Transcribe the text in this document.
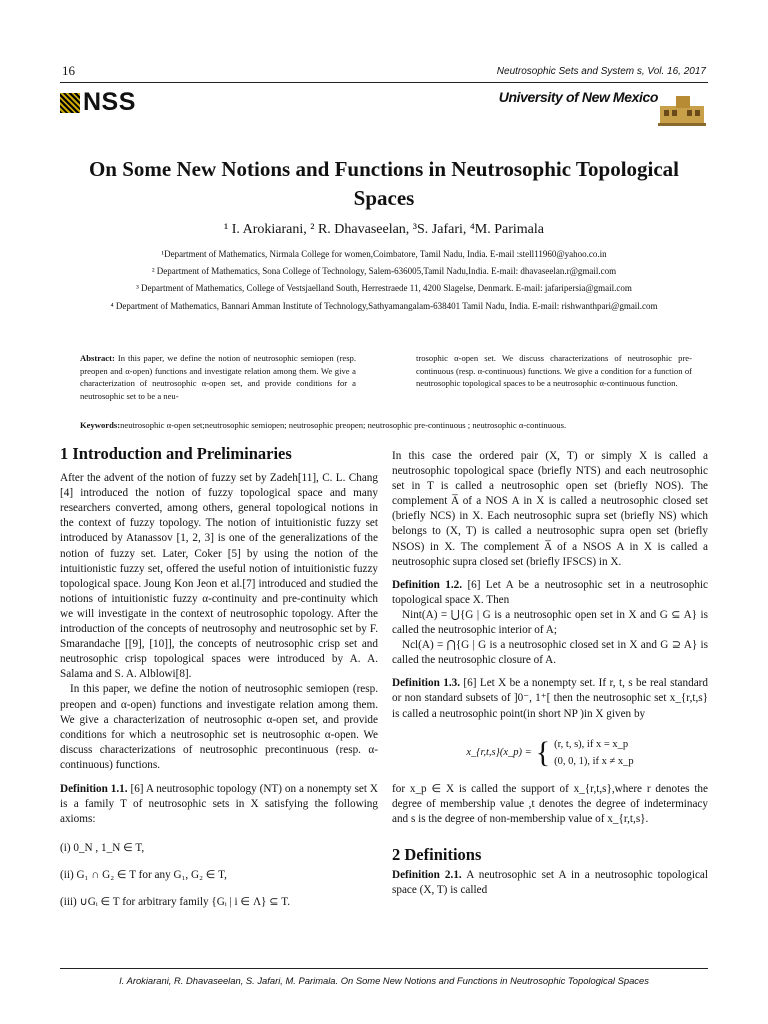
16	Neutrosophic Sets and System s, Vol. 16, 2017
NSS	University of New Mexico
On Some New Notions and Functions in Neutrosophic Topological Spaces
¹ I. Arokiarani, ² R. Dhavaseelan, ³S. Jafari, ⁴M. Parimala
¹Department of Mathematics, Nirmala College for women,Coimbatore, Tamil Nadu, India. E-mail :stell11960@yahoo.co.in
² Department of Mathematics, Sona College of Technology, Salem-636005,Tamil Nadu,India. E-mail: dhavaseelan.r@gmail.com
³ Department of Mathematics, College of Vestsjaelland South, Herrestraede 11, 4200 Slagelse, Denmark. E-mail: jafaripersia@gmail.com
⁴ Department of Mathematics, Bannari Amman Institute of Technology,Sathyamangalam-638401 Tamil Nadu, India. E-mail: rishwanthpari@gmail.com
Abstract: In this paper, we define the notion of neutrosophic semiopen (resp. preopen and α-open) functions and investigate relation among them. We give a characterization of neutrosophic α-open set, and provide conditions for a neutrosophic set to be a neu-
trosophic α-open set. We discuss characterizations of neutrosophic pre-continuous (resp. α-continuous) functions. We give a condition for a function of neutrosophic topological spaces to be a neutrosophic α-continuous function.
Keywords:neutrosophic α-open set;neutrosophic semiopen; neutrosophic preopen; neutrosophic pre-continuous ; neutrosophic α-continuous.
1 Introduction and Preliminaries

After the advent of the notion of fuzzy set by Zadeh[11], C. L. Chang [4] introduced the notion of fuzzy topological space and many researchers converted, among others, general topological notions in the context of fuzzy topology. The notion of intuitionistic fuzzy set introduced by Atanassov [1, 2, 3] is one of the generalizations of the notion of fuzzy set. Later, Coker [5] by using the notion of the intuitionistic fuzzy set, offered the useful notion of intuitionistic fuzzy topological space. Joung Kon Jeon et al.[7] introduced and studied the notions of intuitionistic fuzzy α-continuity and pre-continuity which we will investigate in the context of neutrosophic topology. After the introduction of the concepts of neutrosophy and neutrosophic set by F. Smarandache [[9], [10]], the concepts of neutrosophic crisp set and neutrosophic crisp topological spaces were introduced by A. A. Salama and S. A. Alblowi[8].

In this paper, we define the notion of neutrosophic semiopen (resp. preopen and α-open) functions and investigate relation among them. We give a characterization of neutrosophic α-open set, and provide conditions for which a neutrosophic set is neutrosophic α-open. We discuss characterizations of neutrosophic precontinuous (resp. α-continuous) functions.

Definition 1.1. [6] A neutrosophic topology (NT) on a nonempty set X is a family T of neutrosophic sets in X satisfying the following axioms:

(i) 0_N , 1_N ∈ T,

(ii) G₁ ∩ G₂ ∈ T for any G₁, G₂ ∈ T,

(iii) ∪Gᵢ ∈ T for arbitrary family {Gᵢ | i ∈ Λ} ⊆ T.

In this case the ordered pair (X, T) or simply X is called a neutrosophic topological space (briefly NTS) and each neutrosophic set in T is called a neutrosophic open set (briefly NOS). The complement A̅ of a NOS A in X is called a neutrosophic closed set (briefly NCS) in X. Each neutrosophic supra set (briefly NS) which belongs to (X, T) is called a neutrosophic supra open set (briefly NSOS) in X. The complement A̅ of a NSOS A in X is called a neutrosophic supra closed set (briefly IFSCS) in X.

Definition 1.2. [6] Let A be a neutrosophic set in a neutrosophic topological space X. Then

Nint(A) = ⋃{G | G is a neutrosophic open set in X and G ⊆ A} is called the neutrosophic interior of A;

Ncl(A) = ⋂{G | G is a neutrosophic closed set in X and G ⊇ A} is called the neutrosophic closure of A.

Definition 1.3. [6] Let X be a nonempty set. If r, t, s be real standard or non standard subsets of ]0⁻, 1⁺[ then the neutrosophic set x_{r,t,s} is called a neutrosophic point(in short NP )in X given by

x_{r,t,s}(x_p) = { (r, t, s), if x = x_p
(0, 0, 1), if x ≠ x_p

for x_p ∈ X is called the support of x_{r,t,s},where r denotes the degree of membership value ,t denotes the degree of indeterminacy and s is the degree of non-membership value of x_{r,t,s}.

2 Definitions

Definition 2.1. A neutrosophic set A in a neutrosophic topological space (X, T) is called

I. Arokiarani, R. Dhavaseelan, S. Jafari, M. Parimala. On Some New Notions and Functions in Neutrosophic Topological Spaces
